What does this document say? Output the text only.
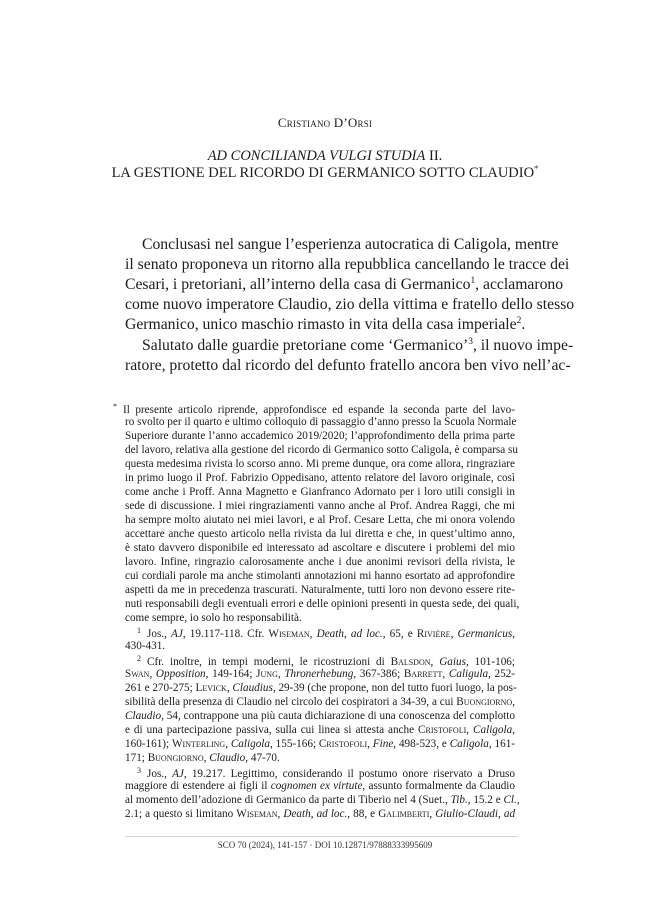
Cristiano D’Orsi
AD CONCILIANDA VULGI STUDIA II.
LA GESTIONE DEL RICORDO DI GERMANICO SOTTO CLAUDIO*
Conclusasi nel sangue l’esperienza autocratica di Caligola, mentre
il senato proponeva un ritorno alla repubblica cancellando le tracce dei
Cesari, i pretoriani, all’interno della casa di Germanico$^1$, acclamarono
come nuovo imperatore Claudio, zio della vittima e fratello dello stesso
Germanico, unico maschio rimasto in vita della casa imperiale$^2$.
Salutato dalle guardie pretoriane come ‘Germanico’$^3$, il nuovo impe-
ratore, protetto dal ricordo del defunto fratello ancora ben vivo nell’ac-
* Il presente articolo riprende, approfondisce ed espande la seconda parte del lavo-
ro svolto per il quarto e ultimo colloquio di passaggio d’anno presso la Scuola Normale
Superiore durante l’anno accademico 2019/2020; l’approfondimento della prima parte
del lavoro, relativa alla gestione del ricordo di Germanico sotto Caligola, è comparsa su
questa medesima rivista lo scorso anno. Mi preme dunque, ora come allora, ringraziare
in primo luogo il Prof. Fabrizio Oppedisano, attento relatore del lavoro originale, così
come anche i Proff. Anna Magnetto e Gianfranco Adornato per i loro utili consigli in
sede di discussione. I miei ringraziamenti vanno anche al Prof. Andrea Raggi, che mi
ha sempre molto aiutato nei miei lavori, e al Prof. Cesare Letta, che mi onora volendo
accettare anche questo articolo nella rivista da lui diretta e che, in quest’ultimo anno,
è stato davvero disponibile ed interessato ad ascoltare e discutere i problemi del mio
lavoro. Infine, ringrazio calorosamente anche i due anonimi revisori della rivista, le
cui cordiali parole ma anche stimolanti annotazioni mi hanno esortato ad approfondire
aspetti da me in precedenza trascurati. Naturalmente, tutti loro non devono essere rite-
nuti responsabili degli eventuali errori e delle opinioni presenti in questa sede, dei quali,
come sempre, io solo ho responsabilità.
1 Jos., AJ, 19.117-118. Cfr. Wiseman, Death, ad loc., 65, e Rivière, Germanicus,
430-431.
2 Cfr. inoltre, in tempi moderni, le ricostruzioni di Balsdon, Gaius, 101-106;
Swan, Opposition, 149-164; Jung, Thronerhebung, 367-386; Barrett, Caligula, 252-
261 e 270-275; Levick, Claudius, 29-39 (che propone, non del tutto fuori luogo, la pos-
sibilità della presenza di Claudio nel circolo dei cospiratori a 34-39, a cui Buongiorno,
Claudio, 54, contrappone una più cauta dichiarazione di una conoscenza del complotto
e di una partecipazione passiva, sulla cui linea si attesta anche Cristofoli, Caligola,
160-161); Winterling, Caligola, 155-166; Cristofoli, Fine, 498-523, e Caligola, 161-
171; Buongiorno, Claudio, 47-70.
3 Jos., AJ, 19.217. Legittimo, considerando il postumo onore riservato a Druso
maggiore di estendere ai figli il cognomen ex virtute, assunto formalmente da Claudio
al momento dell’adozione di Germanico da parte di Tiberio nel 4 (Suet., Tib., 15.2 e Cl.,
2.1; a questo si limitano Wiseman, Death, ad loc., 88, e Galimberti, Giulio-Claudi, ad
SCO 70 (2024), 141-157 · DOI 10.12871/97888333995609
